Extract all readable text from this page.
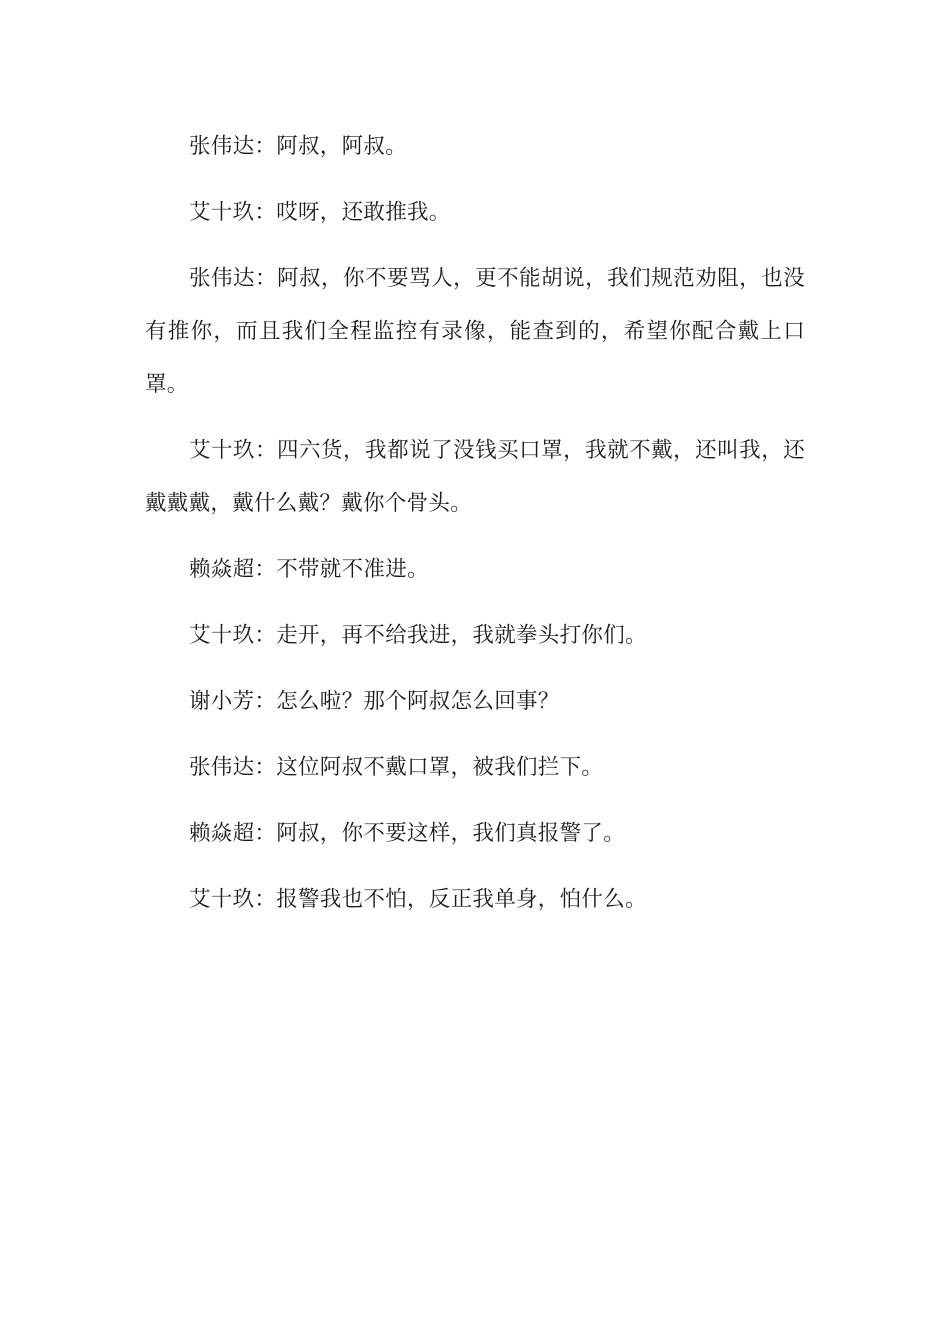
张伟达：阿叔，阿叔。

艾十玖：哎呀，还敢推我。

张伟达：阿叔，你不要骂人，更不能胡说，我们规范劝阻，也没有推你，而且我们全程监控有录像，能查到的，希望你配合戴上口罩。

艾十玖：四六货，我都说了没钱买口罩，我就不戴，还叫我，还戴戴戴，戴什么戴？戴你个骨头。

赖焱超：不带就不准进。

艾十玖：走开，再不给我进，我就拳头打你们。

谢小芳：怎么啦？那个阿叔怎么回事？

张伟达：这位阿叔不戴口罩，被我们拦下。

赖焱超：阿叔，你不要这样，我们真报警了。

艾十玖：报警我也不怕，反正我单身，怕什么。
